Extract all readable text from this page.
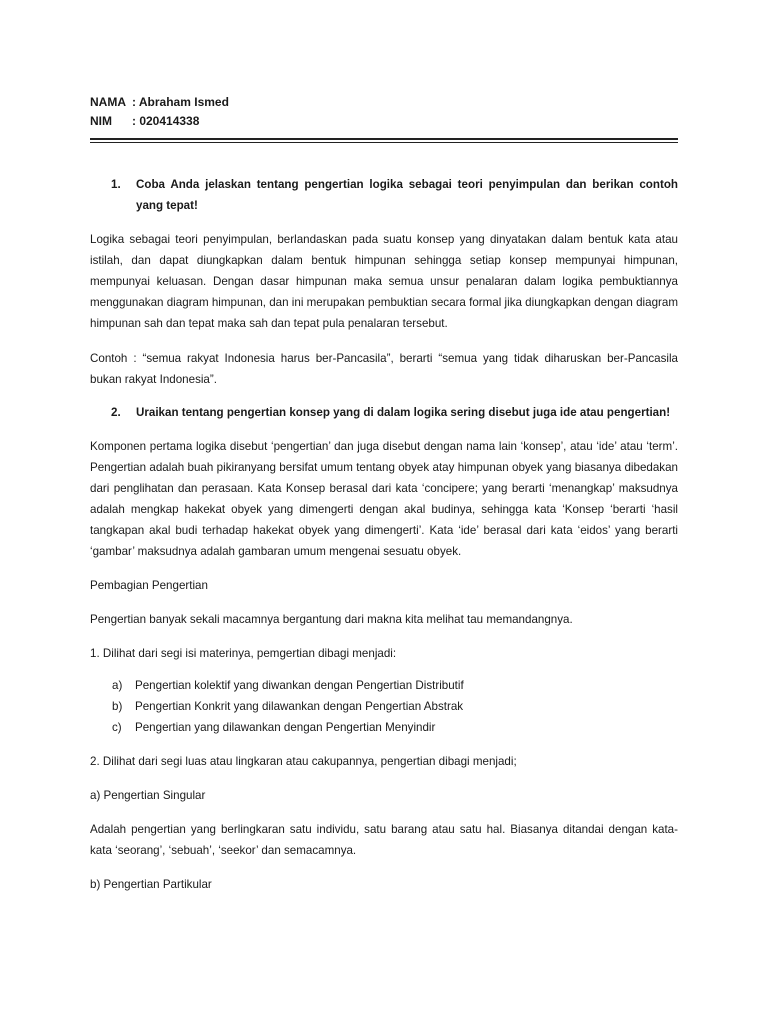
NAMA : Abraham Ismed
NIM	: 020414338
1.	Coba Anda jelaskan tentang pengertian logika sebagai teori penyimpulan dan berikan contoh yang tepat!

Logika sebagai teori penyimpulan, berlandaskan pada suatu konsep yang dinyatakan dalam bentuk kata atau istilah, dan dapat diungkapkan dalam bentuk himpunan sehingga setiap konsep mempunyai himpunan, mempunyai keluasan. Dengan dasar himpunan maka semua unsur penalaran dalam logika pembuktiannya menggunakan diagram himpunan, dan ini merupakan pembuktian secara formal jika diungkapkan dengan diagram himpunan sah dan tepat maka sah dan tepat pula penalaran tersebut.

Contoh : “semua rakyat Indonesia harus ber-Pancasila”, berarti “semua yang tidak diharuskan ber-Pancasila bukan rakyat Indonesia”.

2.	Uraikan tentang pengertian konsep yang di dalam logika sering disebut juga ide atau pengertian!

Komponen pertama logika disebut ‘pengertian’ dan juga disebut dengan nama lain ‘konsep’, atau ‘ide’ atau ‘term’. Pengertian adalah buah pikiranyang bersifat umum tentang obyek atay himpunan obyek yang biasanya dibedakan dari penglihatan dan perasaan. Kata Konsep berasal dari kata ‘concipere; yang berarti ‘menangkap’ maksudnya adalah mengkap hakekat obyek yang dimengerti dengan akal budinya, sehingga kata ‘Konsep ‘berarti ‘hasil tangkapan akal budi terhadap hakekat obyek yang dimengerti’. Kata ‘ide’ berasal dari kata ‘eidos’ yang berarti ‘gambar’ maksudnya adalah gambaran umum mengenai sesuatu obyek.

Pembagian Pengertian

Pengertian banyak sekali macamnya bergantung dari makna kita melihat tau memandangnya.

1. Dilihat dari segi isi materinya, pemgertian dibagi menjadi:

a)	Pengertian kolektif yang diwankan dengan Pengertian Distributif
b)	Pengertian Konkrit yang dilawankan dengan Pengertian Abstrak
c)	Pengertian yang dilawankan dengan Pengertian Menyindir

2. Dilihat dari segi luas atau lingkaran atau cakupannya, pengertian dibagi menjadi;

a) Pengertian Singular

Adalah pengertian yang berlingkaran satu individu, satu barang atau satu hal. Biasanya ditandai dengan kata- kata ‘seorang’, ‘sebuah’, ‘seekor’ dan semacamnya.

b) Pengertian Partikular
